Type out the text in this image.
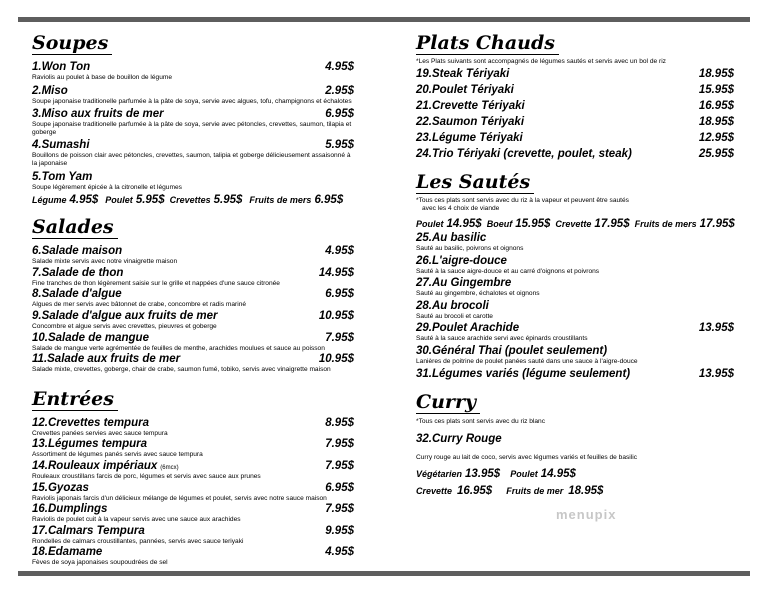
Soupes
1.Won Ton	4.95$
Raviolis au poulet à base de bouillon de légume
2.Miso	2.95$
Soupe japonaise traditionelle parfumée à la pâte de soya, servie avec algues, tofu, champignons et échalotes
3.Miso aux fruits de mer	6.95$
Soupe japonaise traditionelle parfumée à la pâte de soya, servie avec pétoncles, crevettes, saumon, tilapia et goberge
4.Sumashi	5.95$
Bouillons de poisson clair avec pétoncles, crevettes, saumon, talipia et goberge délicieusement assaisonné à la japonaise
5.Tom Yam
Soupe légèrement épicée à la citronelle et légumes
Légume 4.95$ Poulet 5.95$ Crevettes 5.95$ Fruits de mers 6.95$
Salades
6.Salade maison	4.95$
Salade mixte servis avec notre vinaigrette maison
7.Salade de thon	14.95$
Fine tranches de thon légèrement saisie sur le grille et nappées d'une sauce citronée
8.Salade d'algue	6.95$
Algues de mer servis avec bâtonnet de crabe, concombre et radis mariné
9.Salade d'algue aux fruits de mer	10.95$
Concombre et algue servis avec crevettes, pieuvres et goberge
10.Salade de mangue	7.95$
Salade de mangue verte agrémentée de feuilles de menthe, arachides moulues et sauce au poisson
11.Salade aux fruits de mer	10.95$
Salade mixte, crevettes, goberge, chair de crabe, saumon fumé, tobiko, servis avec vinaigrette maison
Entrées
12.Crevettes tempura	8.95$
Crevettes panées servies avec sauce tempura
13.Légumes tempura	7.95$
Assortiment de légumes panés servis avec sauce tempura
14.Rouleaux impériaux (6mcx)	7.95$
Rouleaux croustillans farcis de porc, légumes et servis avec sauce aux prunes
15.Gyozas	6.95$
Raviolis japonais farcis d'un délicieux mélange de légumes et poulet, servis avec notre sauce maison
16.Dumplings	7.95$
Raviolis de poulet cuit à la vapeur servis avec une sauce aux arachides
17.Calmars Tempura	9.95$
Rondelles de calmars croustillantes, pannées, servis avec sauce teriyaki
18.Edamame	4.95$
Fèves de soya japonaises soupoudrées de sel
Plats Chauds
*Les Plats suivants sont accompagnés de légumes sautés et servis avec un bol de riz
19.Steak Tériyaki	18.95$
20.Poulet Tériyaki	15.95$
21.Crevette Tériyaki	16.95$
22.Saumon Tériyaki	18.95$
23.Légume Tériyaki	12.95$
24.Trio Tériyaki (crevette, poulet, steak)	25.95$
Les Sautés
*Tous ces plats sont servis avec du riz à la vapeur et peuvent être sautés
avec les 4 choix de viande
Poulet 14.95$ Boeuf 15.95$ Crevette 17.95$ Fruits de mers 17.95$
25.Au basilic
Sauté au basilic, poivrons et oignons
26.L'aigre-douce
Sauté à la sauce aigre-douce et au carré d'oignons et poivrons
27.Au Gingembre
Sauté au gingembre, échalotes et oignons
28.Au brocoli
Sauté au brocoli et carotte
29.Poulet Arachide	13.95$
Sauté à la sauce arachide servi avec épinards croustillants
30.Général Thai (poulet seulement)
Lanières de poitrine de poulet panées sauté dans une sauce à l'aigre-douce
31.Légumes variés (légume seulement)	13.95$
Curry
*Tous ces plats sont servis avec du riz blanc
32.Curry Rouge
Curry rouge au lait de coco, servis avec légumes variés et feuilles de basilic
Végétarien 13.95$ Poulet 14.95$
Crevette 16.95$ Fruits de mer 18.95$
menupix
